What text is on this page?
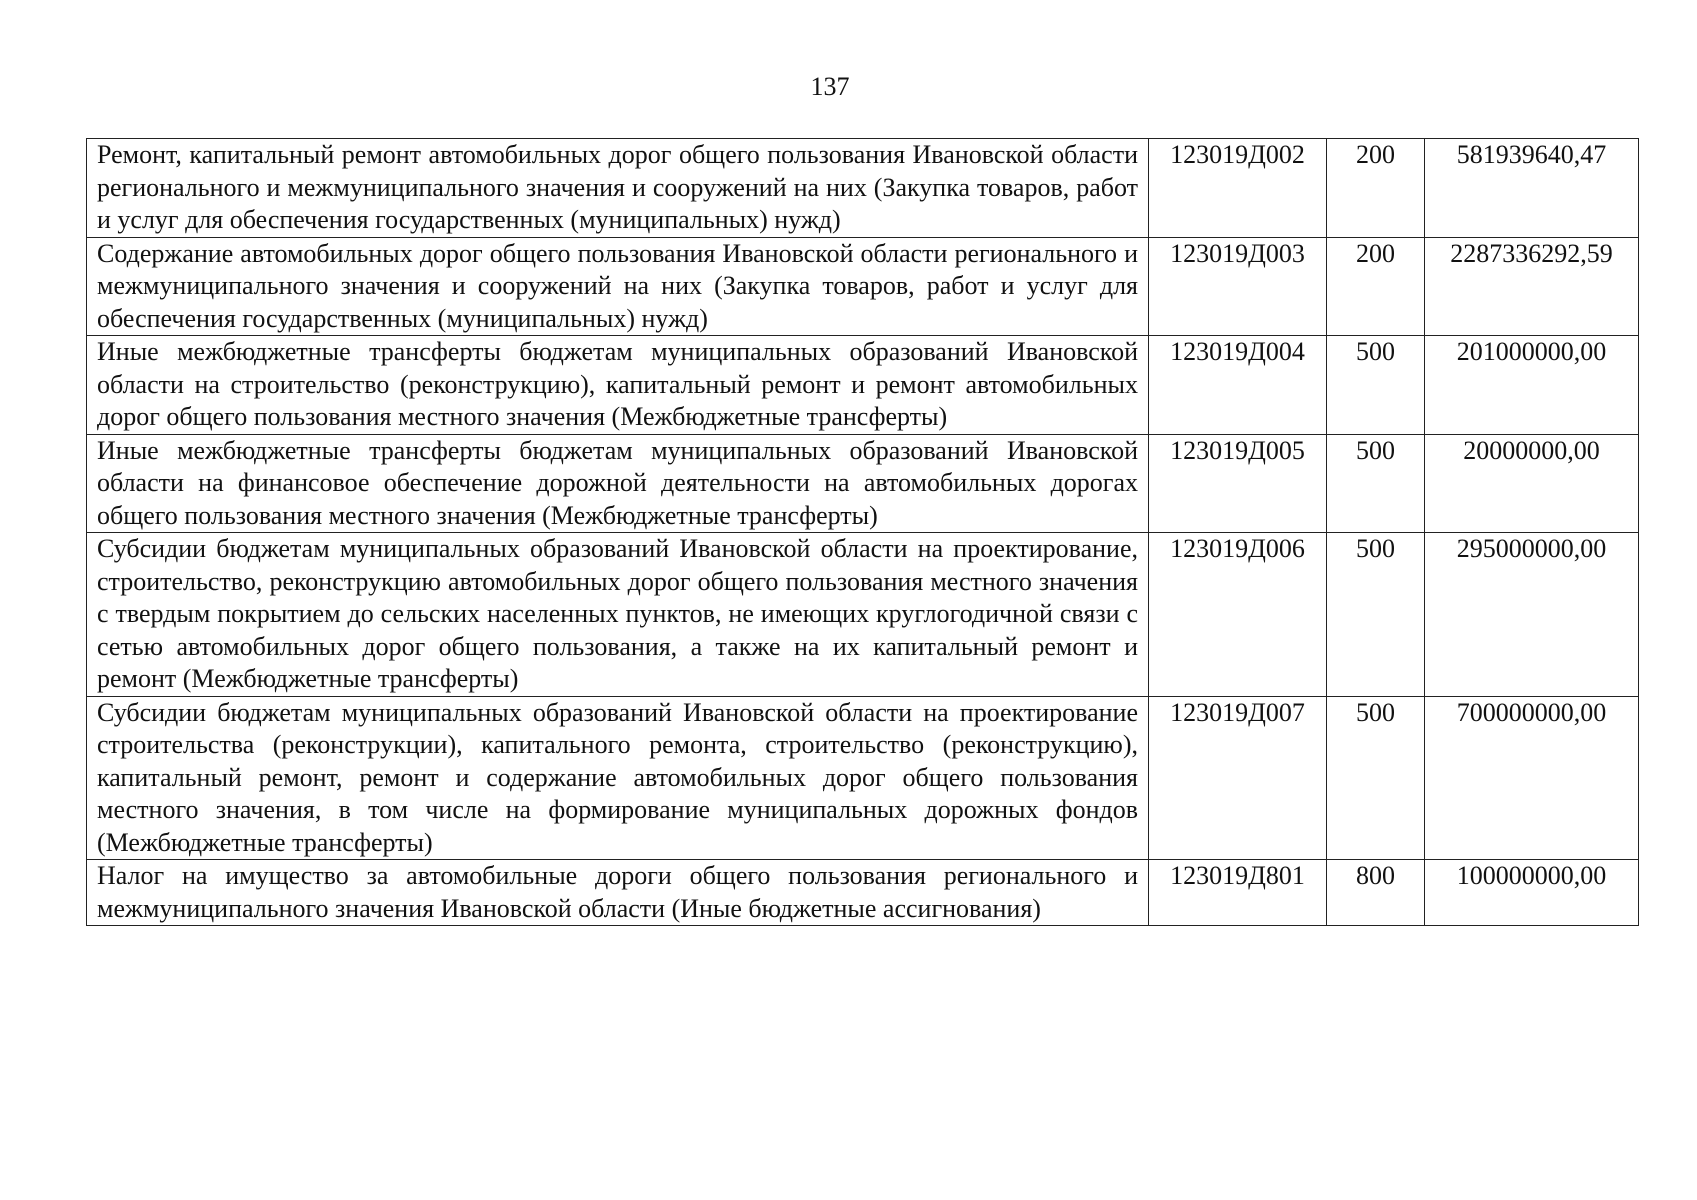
137
Ремонт, капитальный ремонт автомобильных дорог общего пользования Ивановской области регионального и межмуниципального значения и сооружений на них (Закупка товаров, работ и услуг для обеспечения государственных (муниципальных) нужд)	123019Д002	200	581939640,47
Содержание автомобильных дорог общего пользования Ивановской области регионального и межмуниципального значения и сооружений на них (Закупка товаров, работ и услуг для обеспечения государственных (муниципальных) нужд)	123019Д003	200	2287336292,59
Иные межбюджетные трансферты бюджетам муниципальных образований Ивановской области на строительство (реконструкцию), капитальный ремонт и ремонт автомобильных дорог общего пользования местного значения (Межбюджетные трансферты)	123019Д004	500	201000000,00
Иные межбюджетные трансферты бюджетам муниципальных образований Ивановской области на финансовое обеспечение дорожной деятельности на автомобильных дорогах общего пользования местного значения (Межбюджетные трансферты)	123019Д005	500	20000000,00
Субсидии бюджетам муниципальных образований Ивановской области на проектирование, строительство, реконструкцию автомобильных дорог общего пользования местного значения с твердым покрытием до сельских населенных пунктов, не имеющих круглогодичной связи с сетью автомобильных дорог общего пользования, а также на их капитальный ремонт и ремонт (Межбюджетные трансферты)	123019Д006	500	295000000,00
Субсидии бюджетам муниципальных образований Ивановской области на проектирование строительства (реконструкции), капитального ремонта, строительство (реконструкцию), капитальный ремонт, ремонт и содержание автомобильных дорог общего пользования местного значения, в том числе на формирование муниципальных дорожных фондов (Межбюджетные трансферты)	123019Д007	500	700000000,00
Налог на имущество за автомобильные дороги общего пользования регионального и межмуниципального значения Ивановской области (Иные бюджетные ассигнования)	123019Д801	800	100000000,00
